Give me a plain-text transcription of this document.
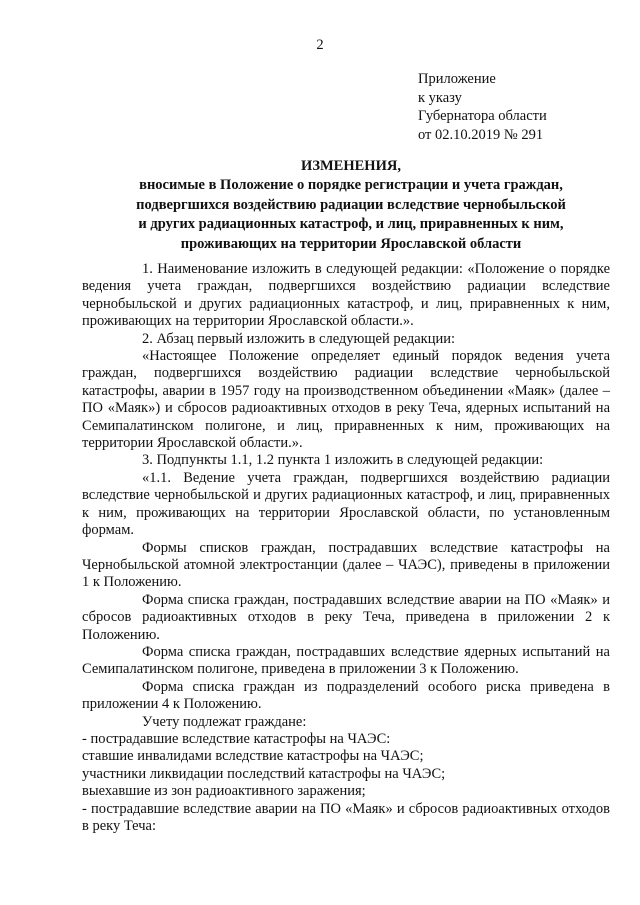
2
Приложение
к указу
Губернатора области
от 02.10.2019 № 291
ИЗМЕНЕНИЯ,
вносимые в Положение о порядке регистрации и учета граждан,
подвергшихся воздействию радиации вследствие чернобыльской
и других радиационных катастроф, и лиц, приравненных к ним,
проживающих на территории Ярославской области

1. Наименование изложить в следующей редакции: «Положение о порядке ведения учета граждан, подвергшихся воздействию радиации вследствие чернобыльской и других радиационных катастроф, и лиц, приравненных к ним, проживающих на территории Ярославской области.».

2. Абзац первый изложить в следующей редакции:

«Настоящее Положение определяет единый порядок ведения учета граждан, подвергшихся воздействию радиации вследствие чернобыльской катастрофы, аварии в 1957 году на производственном объединении «Маяк» (далее – ПО «Маяк») и сбросов радиоактивных отходов в реку Теча, ядерных испытаний на Семипалатинском полигоне, и лиц, приравненных к ним, проживающих на территории Ярославской области.».

3. Подпункты 1.1, 1.2 пункта 1 изложить в следующей редакции:

«1.1. Ведение учета граждан, подвергшихся воздействию радиации вследствие чернобыльской и других радиационных катастроф, и лиц, приравненных к ним, проживающих на территории Ярославской области, по установленным формам.

Формы списков граждан, пострадавших вследствие катастрофы на Чернобыльской атомной электростанции (далее – ЧАЭС), приведены в приложении 1 к Положению.

Форма списка граждан, пострадавших вследствие аварии на ПО «Маяк» и сбросов радиоактивных отходов в реку Теча, приведена в приложении 2 к Положению.

Форма списка граждан, пострадавших вследствие ядерных испытаний на Семипалатинском полигоне, приведена в приложении 3 к Положению.

Форма списка граждан из подразделений особого риска приведена в приложении 4 к Положению.

Учету подлежат граждане:

- пострадавшие вследствие катастрофы на ЧАЭС:

ставшие инвалидами вследствие катастрофы на ЧАЭС;

участники ликвидации последствий катастрофы на ЧАЭС;

выехавшие из зон радиоактивного заражения;

- пострадавшие вследствие аварии на ПО «Маяк» и сбросов радиоактивных отходов в реку Теча:
